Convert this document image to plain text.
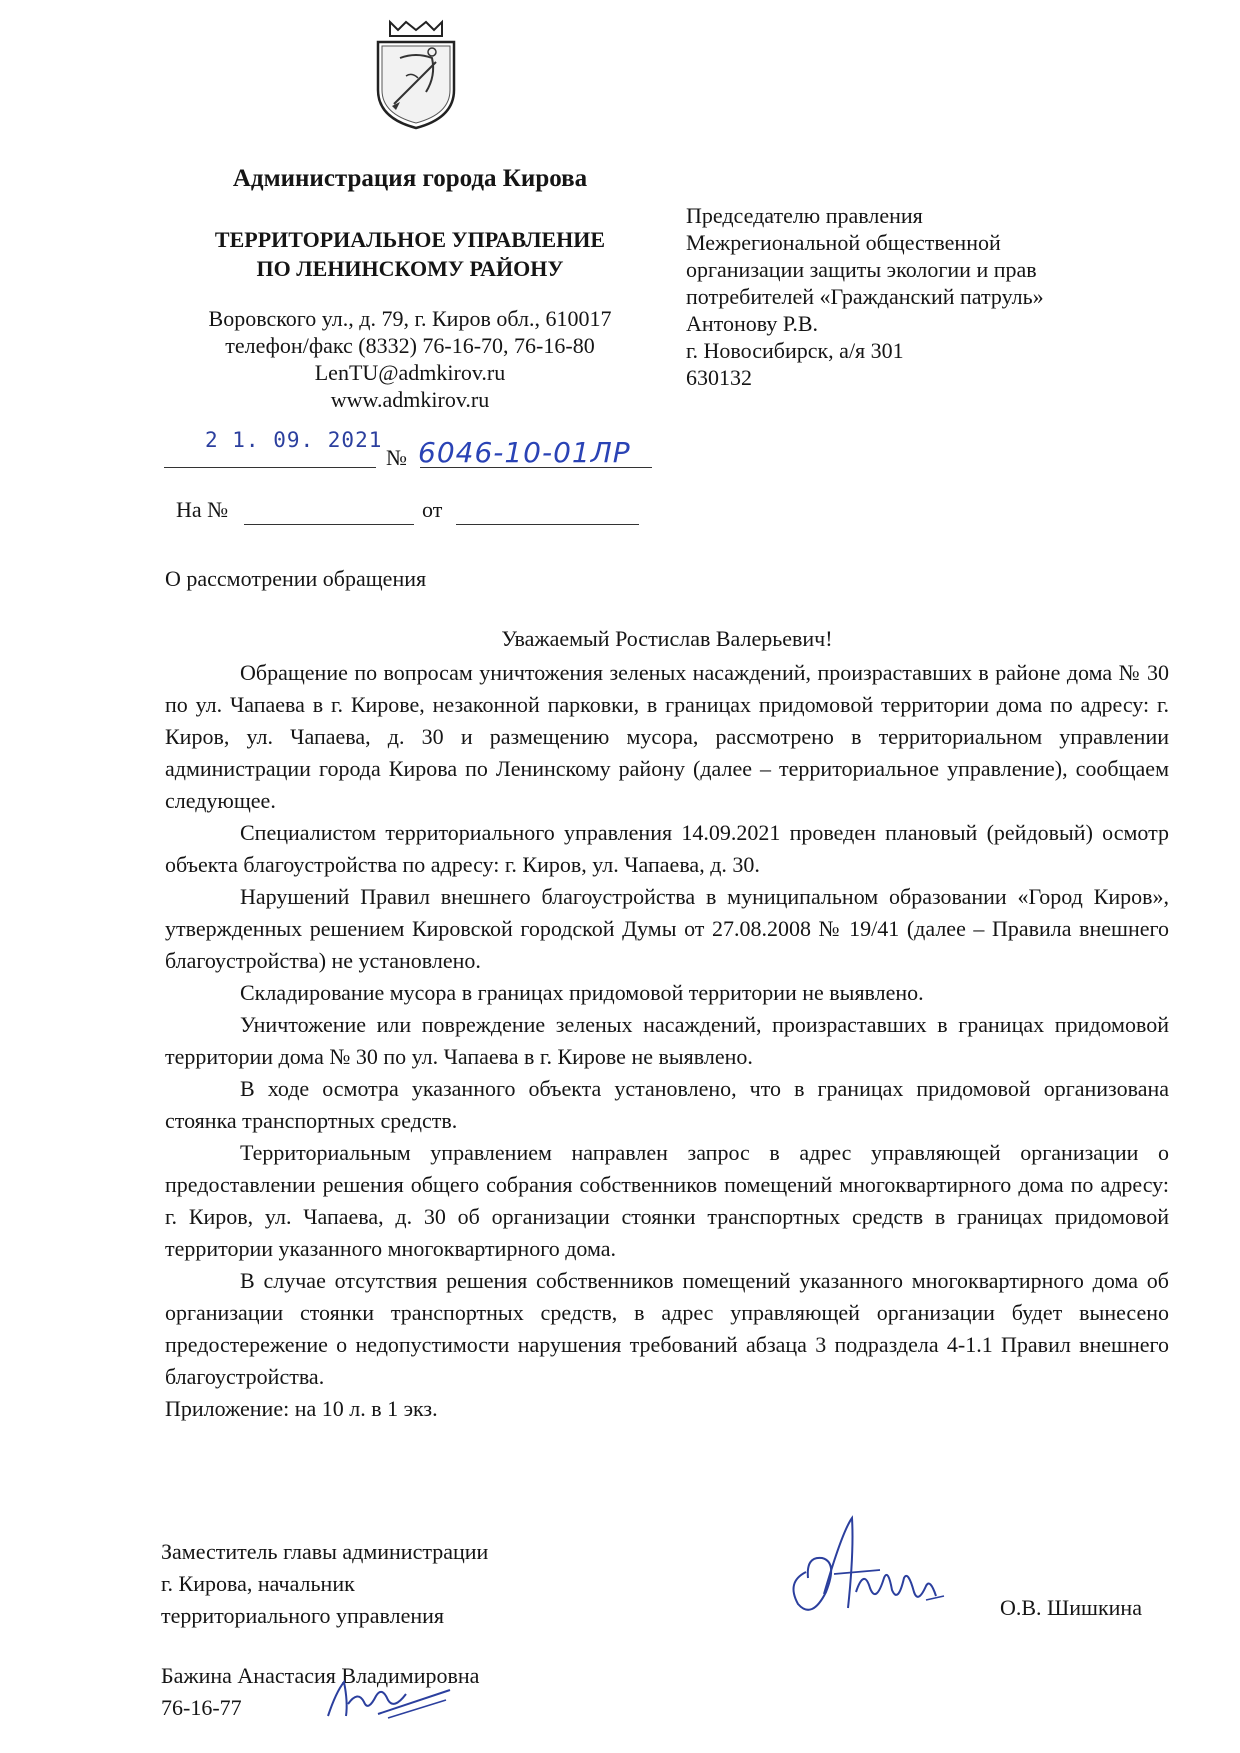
Администрация города Кирова
ТЕРРИТОРИАЛЬНОЕ УПРАВЛЕНИЕ
ПО ЛЕНИНСКОМУ РАЙОНУ
Воровского ул., д. 79, г. Киров обл., 610017
телефон/факс (8332) 76-16-70, 76-16-80
LenTU@admkirov.ru
www.admkirov.ru
Председателю правления
Межрегиональной общественной
организации защиты экологии и прав
потребителей «Гражданский патруль»
Антонову Р.В.
г. Новосибирск, а/я 301
630132
2 1. 09. 2021
№ 6046-10-01ЛР
На №	от
О рассмотрении обращения
Уважаемый Ростислав Валерьевич!

Обращение по вопросам уничтожения зеленых насаждений, произраставших в районе дома № 30 по ул. Чапаева в г. Кирове, незаконной парковки, в границах придомовой территории дома по адресу: г. Киров, ул. Чапаева, д. 30 и размещению мусора, рассмотрено в территориальном управлении администрации города Кирова по Ленинскому району (далее – территориальное управление), сообщаем следующее.

Специалистом территориального управления 14.09.2021 проведен плановый (рейдовый) осмотр объекта благоустройства по адресу: г. Киров, ул. Чапаева, д. 30.

Нарушений Правил внешнего благоустройства в муниципальном образовании «Город Киров», утвержденных решением Кировской городской Думы от 27.08.2008 № 19/41 (далее – Правила внешнего благоустройства) не установлено.

Складирование мусора в границах придомовой территории не выявлено.

Уничтожение или повреждение зеленых насаждений, произраставших в границах придомовой территории дома № 30 по ул. Чапаева в г. Кирове не выявлено.

В ходе осмотра указанного объекта установлено, что в границах придомовой организована стоянка транспортных средств.

Территориальным управлением направлен запрос в адрес управляющей организации о предоставлении решения общего собрания собственников помещений многоквартирного дома по адресу: г. Киров, ул. Чапаева, д. 30 об организации стоянки транспортных средств в границах придомовой территории указанного многоквартирного дома.

В случае отсутствия решения собственников помещений указанного многоквартирного дома об организации стоянки транспортных средств, в адрес управляющей организации будет вынесено предостережение о недопустимости нарушения требований абзаца 3 подраздела 4-1.1 Правил внешнего благоустройства.

Приложение: на 10 л. в 1 экз.

Заместитель главы администрации
г. Кирова, начальник
территориального управления	О.В. Шишкина
Бажина Анастасия Владимировна
76-16-77
